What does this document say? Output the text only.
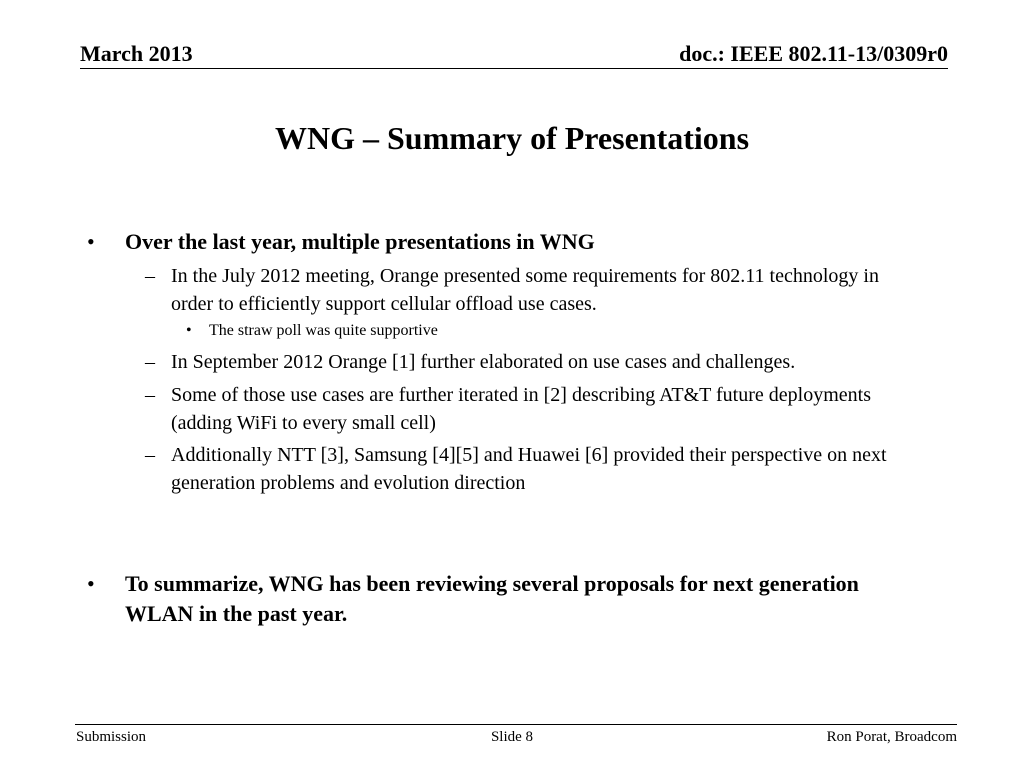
March 2013	doc.: IEEE 802.11-13/0309r0
WNG – Summary of Presentations
• Over the last year, multiple presentations in WNG
– In the July 2012 meeting, Orange presented some requirements for 802.11 technology in order to efficiently support cellular offload use cases.
• The straw poll was quite supportive
– In September 2012 Orange [1] further elaborated on use cases and challenges.
– Some of those use cases are further iterated in [2] describing AT&T future deployments (adding WiFi to every small cell)
– Additionally NTT [3], Samsung [4][5] and Huawei [6] provided their perspective on next generation problems and evolution direction
• To summarize, WNG has been reviewing several proposals for next generation WLAN in the past year.
Submission	Slide 8	Ron Porat, Broadcom
